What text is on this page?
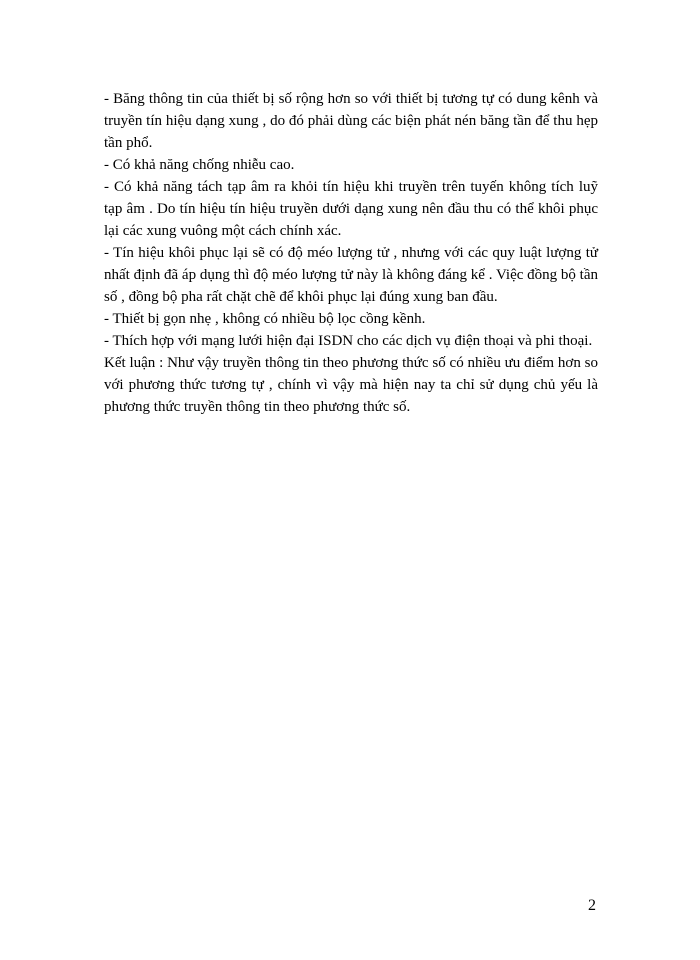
- Băng thông tin của thiết bị số rộng hơn so với thiết bị tương tự có dung kênh và truyền tín hiệu dạng xung , do đó phải dùng các biện phát nén băng tần để thu hẹp tần phổ.

- Có khả năng chống nhiễu cao.

- Có khả năng tách tạp âm ra khỏi tín hiệu khi truyền trên tuyến không tích luỹ tạp âm . Do tín hiệu tín hiệu truyền dưới dạng xung nên đầu thu có thể khôi phục lại các xung vuông một cách chính xác.

- Tín hiệu khôi phục lại sẽ có độ méo lượng tử , nhưng với các quy luật lượng tử nhất định đã áp dụng thì độ méo lượng tử này là không đáng kể . Việc đồng bộ tần số , đồng bộ pha rất chặt chẽ để khôi phục lại đúng xung ban đầu.

- Thiết bị gọn nhẹ , không có nhiều bộ lọc cồng kềnh.

- Thích hợp với mạng lưới hiện đại ISDN cho các dịch vụ điện thoại và phi thoại.

Kết luận : Như vậy truyền thông tin theo phương thức số có nhiều ưu điểm hơn so với phương thức tương tự , chính vì vậy mà hiện nay ta chỉ sử dụng chủ yếu là phương thức truyền thông tin theo phương thức số.

2
